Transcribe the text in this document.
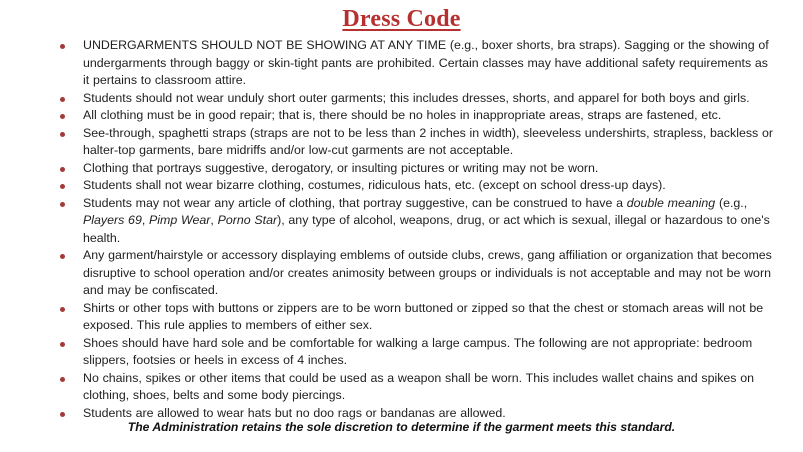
Dress Code
UNDERGARMENTS SHOULD NOT BE SHOWING AT ANY TIME (e.g., boxer shorts, bra straps). Sagging or the showing of undergarments through baggy or skin-tight pants are prohibited. Certain classes may have additional safety requirements as it pertains to classroom attire.
Students should not wear unduly short outer garments; this includes dresses, shorts, and apparel for both boys and girls.
All clothing must be in good repair; that is, there should be no holes in inappropriate areas, straps are fastened, etc.
See-through, spaghetti straps (straps are not to be less than 2 inches in width), sleeveless undershirts, strapless, backless or halter-top garments, bare midriffs and/or low-cut garments are not acceptable.
Clothing that portrays suggestive, derogatory, or insulting pictures or writing may not be worn.
Students shall not wear bizarre clothing, costumes, ridiculous hats, etc. (except on school dress-up days).
Students may not wear any article of clothing, that portray suggestive, can be construed to have a double meaning (e.g., Players 69, Pimp Wear, Porno Star), any type of alcohol, weapons, drug, or act which is sexual, illegal or hazardous to one's health.
Any garment/hairstyle or accessory displaying emblems of outside clubs, crews, gang affiliation or organization that becomes disruptive to school operation and/or creates animosity between groups or individuals is not acceptable and may not be worn and may be confiscated.
Shirts or other tops with buttons or zippers are to be worn buttoned or zipped so that the chest or stomach areas will not be exposed. This rule applies to members of either sex.
Shoes should have hard sole and be comfortable for walking a large campus. The following are not appropriate: bedroom slippers, footsies or heels in excess of 4 inches.
No chains, spikes or other items that could be used as a weapon shall be worn. This includes wallet chains and spikes on clothing, shoes, belts and some body piercings.
Students are allowed to wear hats but no doo rags or bandanas are allowed.
The Administration retains the sole discretion to determine if the garment meets this standard.
